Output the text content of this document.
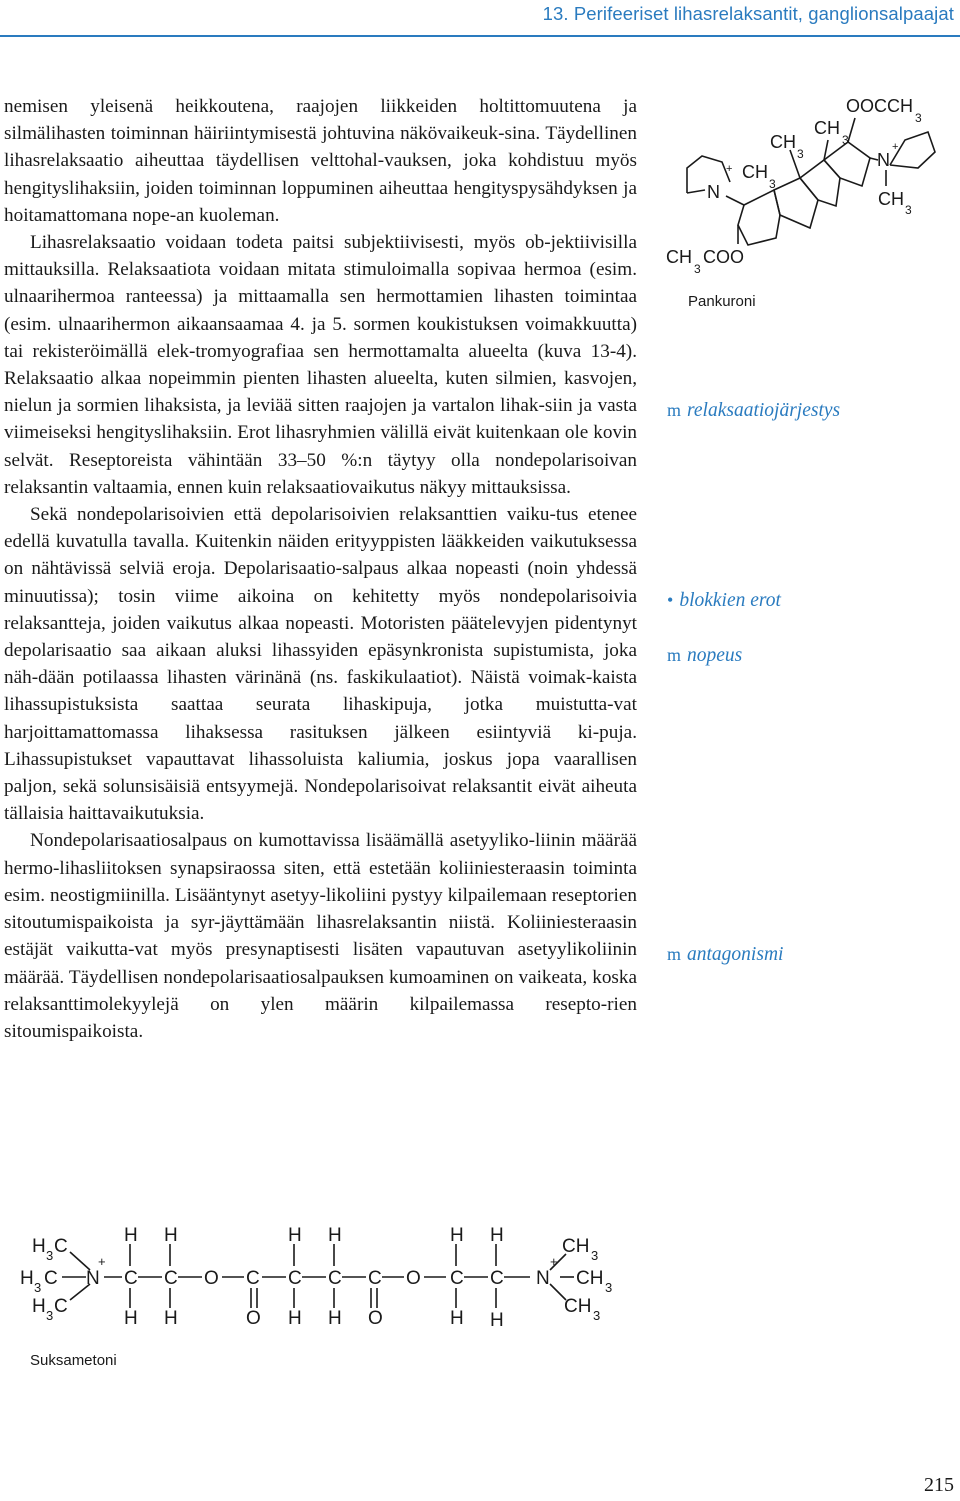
13. Perifeeriset lihasrelaksantit, ganglionsalpaajat

nemisen yleisenä heikkoutena, raajojen liikkeiden holtittomuutena ja silmälihasten toiminnan häiriintymisestä johtuvina näkövaikeuk-sina. Täydellinen lihasrelaksaatio aiheuttaa täydellisen velttohal-vauksen, joka kohdistuu myös hengityslihaksiin, joiden toiminnan loppuminen aiheuttaa hengityspysähdyksen ja hoitamattomana nope-an kuoleman.

Lihasrelaksaatio voidaan todeta paitsi subjektiivisesti, myös ob-jektiivisilla mittauksilla. Relaksaatiota voidaan mitata stimuloimalla sopivaa hermoa (esim. ulnaarihermoa ranteessa) ja mittaamalla sen hermottamien lihasten toimintaa (esim. ulnaarihermon aikaansaamaa 4. ja 5. sormen koukistuksen voimakkuutta) tai rekisteröimällä elek-tromyografiaa sen hermottamalta alueelta (kuva 13-4). Relaksaatio alkaa nopeimmin pienten lihasten alueelta, kuten silmien, kasvojen, nielun ja sormien lihaksista, ja leviää sitten raajojen ja vartalon lihak-siin ja vasta viimeiseksi hengityslihaksiin. Erot lihasryhmien välillä eivät kuitenkaan ole kovin selvät. Reseptoreista vähintään 33–50 %:n täytyy olla nondepolarisoivan relaksantin valtaamia, ennen kuin relaksaatiovaikutus näkyy mittauksissa.

Sekä nondepolarisoivien että depolarisoivien relaksanttien vaiku-tus etenee edellä kuvatulla tavalla. Kuitenkin näiden erityyppisten lääkkeiden vaikutuksessa on nähtävissä selviä eroja. Depolarisaatio-salpaus alkaa nopeasti (noin yhdessä minuutissa); tosin viime aikoina on kehitetty myös nondepolarisoivia relaksantteja, joiden vaikutus alkaa nopeasti. Motoristen päätelevyjen pidentynyt depolarisaatio saa aikaan aluksi lihassyiden epäsynkronista supistumista, joka näh-dään potilaassa lihasten värinänä (ns. faskikulaatiot). Näistä voimak-kaista lihassupistuksista saattaa seurata lihaskipuja, jotka muistutta-vat harjoittamattomassa lihaksessa rasituksen jälkeen esiintyviä ki-puja. Lihassupistukset vapauttavat lihassoluista kaliumia, joskus jopa vaarallisen paljon, sekä solunsisäisiä entsyymejä. Nondepolarisoivat relaksantit eivät aiheuta tällaisia haittavaikutuksia.

Nondepolarisaatiosalpaus on kumottavissa lisäämällä asetyyliko-liinin määrää hermo-lihasliitoksen synapsiraossa siten, että estetään koliiniesteraasin toiminta esim. neostigmiinilla. Lisääntynyt asetyy-likoliini pystyy kilpailemaan reseptorien sitoutumispaikoista ja syr-jäyttämään lihasrelaksantin niistä. Koliiniesteraasin estäjät vaikutta-vat myös presynaptisesti lisäten vapautuvan asetyylikoliinin määrää. Täydellisen nondepolarisaatiosalpauksen kumoaminen on vaikeata, koska relaksanttimolekyylejä on ylen määrin kilpailemassa resepto-rien sitoumispaikoista.

m relaksaatiojärjestys
• blokkien erot
m nopeus
m antagonismi
OOCCH
3
CH
3
CH
3
CH
3
+
N
N
+
CH
3
CH
3
COO
Pankuroni
H 3 C
H 3 C
H 3 C
N
+
C C O C C C C O C C
H H	H H	H H
H H	O H H O	H H
N
+
CH 3
CH 3
CH 3
Suksametoni
215
